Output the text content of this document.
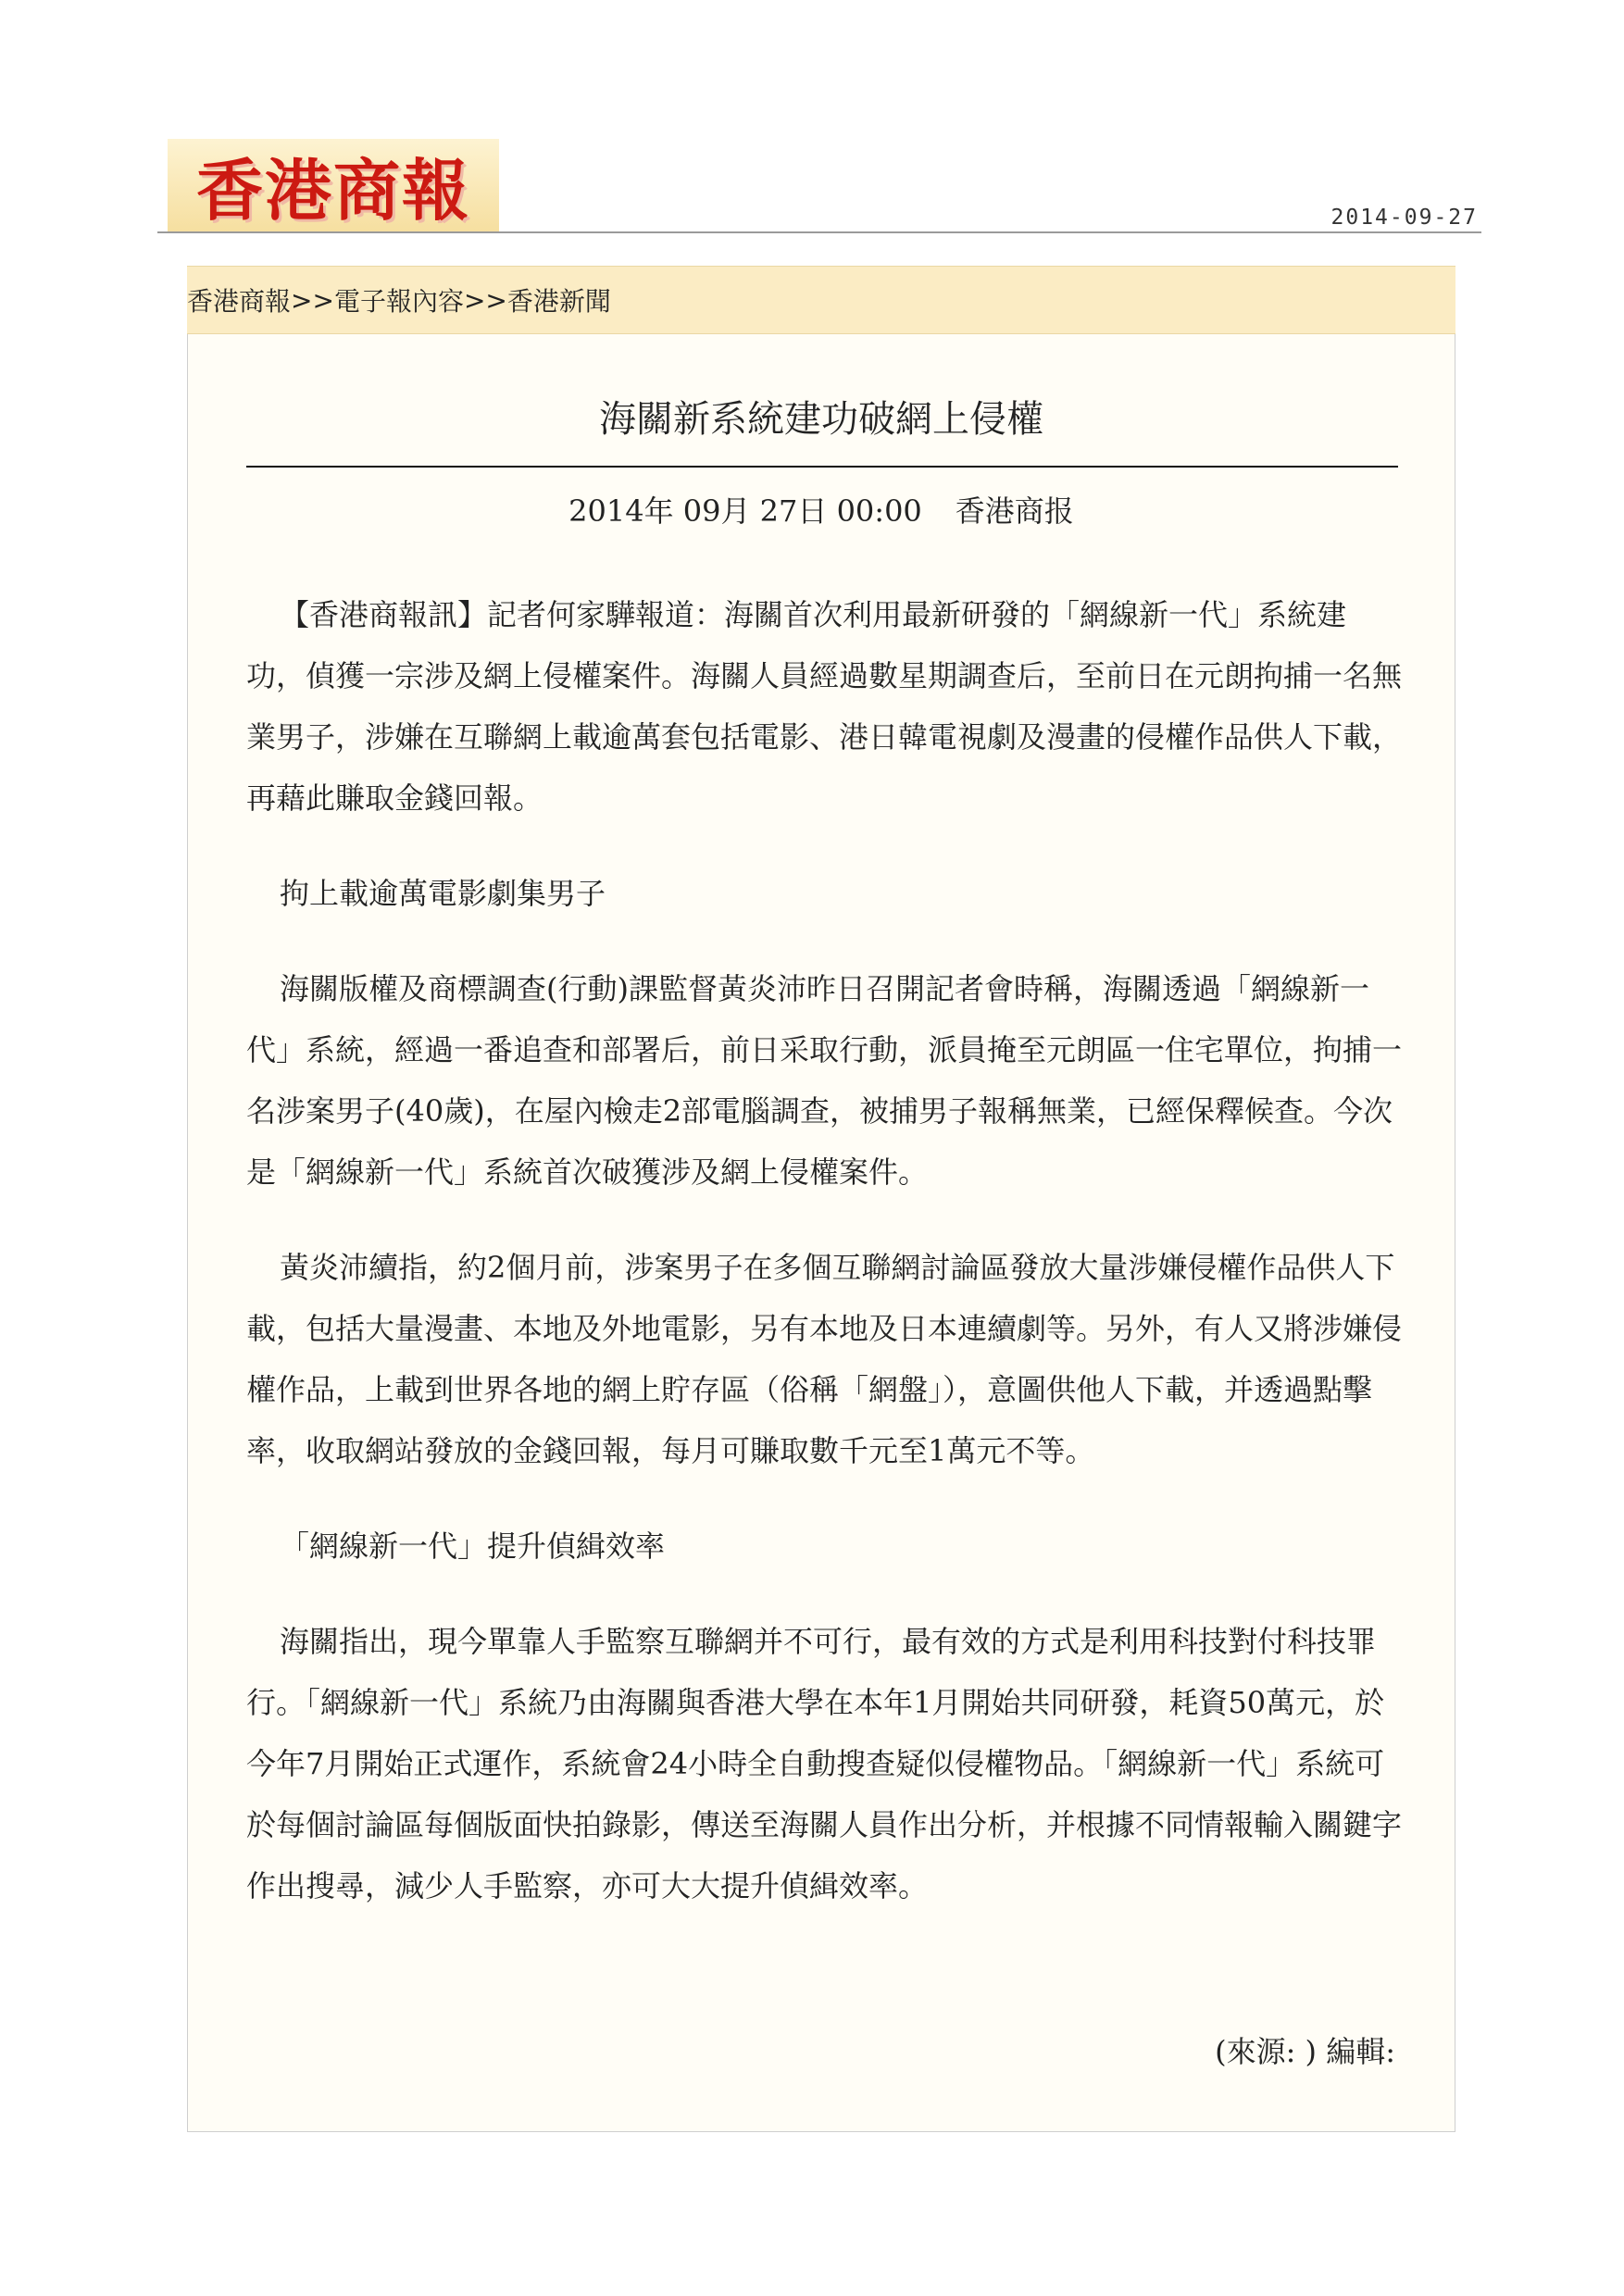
香港商報	2014-09-27
香港商報 >> 電子報內容 >> 香港新聞
海關新系統建功破網上侵權
2014年 09月 27日 00:00 香港商报

【香港商報訊】記者何家驊報道：海關首次利用最新研發的「網線新一代」系統建功，偵獲一宗涉及網上侵權案件。海關人員經過數星期調查后，至前日在元朗拘捕一名無業男子，涉嫌在互聯網上載逾萬套包括電影、港日韓電視劇及漫畫的侵權作品供人下載，再藉此賺取金錢回報。

拘上載逾萬電影劇集男子

海關版權及商標調查(行動)課監督黃炎沛昨日召開記者會時稱，海關透過「網線新一代」系統，經過一番追查和部署后，前日采取行動，派員掩至元朗區一住宅單位，拘捕一名涉案男子(40歲)，在屋內檢走2部電腦調查，被捕男子報稱無業，已經保釋候查。今次是「網線新一代」系統首次破獲涉及網上侵權案件。

黃炎沛續指，約2個月前，涉案男子在多個互聯網討論區發放大量涉嫌侵權作品供人下載，包括大量漫畫、本地及外地電影，另有本地及日本連續劇等。另外，有人又將涉嫌侵權作品，上載到世界各地的網上貯存區（俗稱「網盤」），意圖供他人下載，并透過點擊率，收取網站發放的金錢回報，每月可賺取數千元至1萬元不等。

「網線新一代」提升偵緝效率

海關指出，現今單靠人手監察互聯網并不可行，最有效的方式是利用科技對付科技罪行。「網線新一代」系統乃由海關與香港大學在本年1月開始共同研發，耗資50萬元，於今年7月開始正式運作，系統會24小時全自動搜查疑似侵權物品。「網線新一代」系統可於每個討論區每個版面快拍錄影，傳送至海關人員作出分析，并根據不同情報輸入關鍵字作出搜尋，減少人手監察，亦可大大提升偵緝效率。

(來源: ) 編輯:
